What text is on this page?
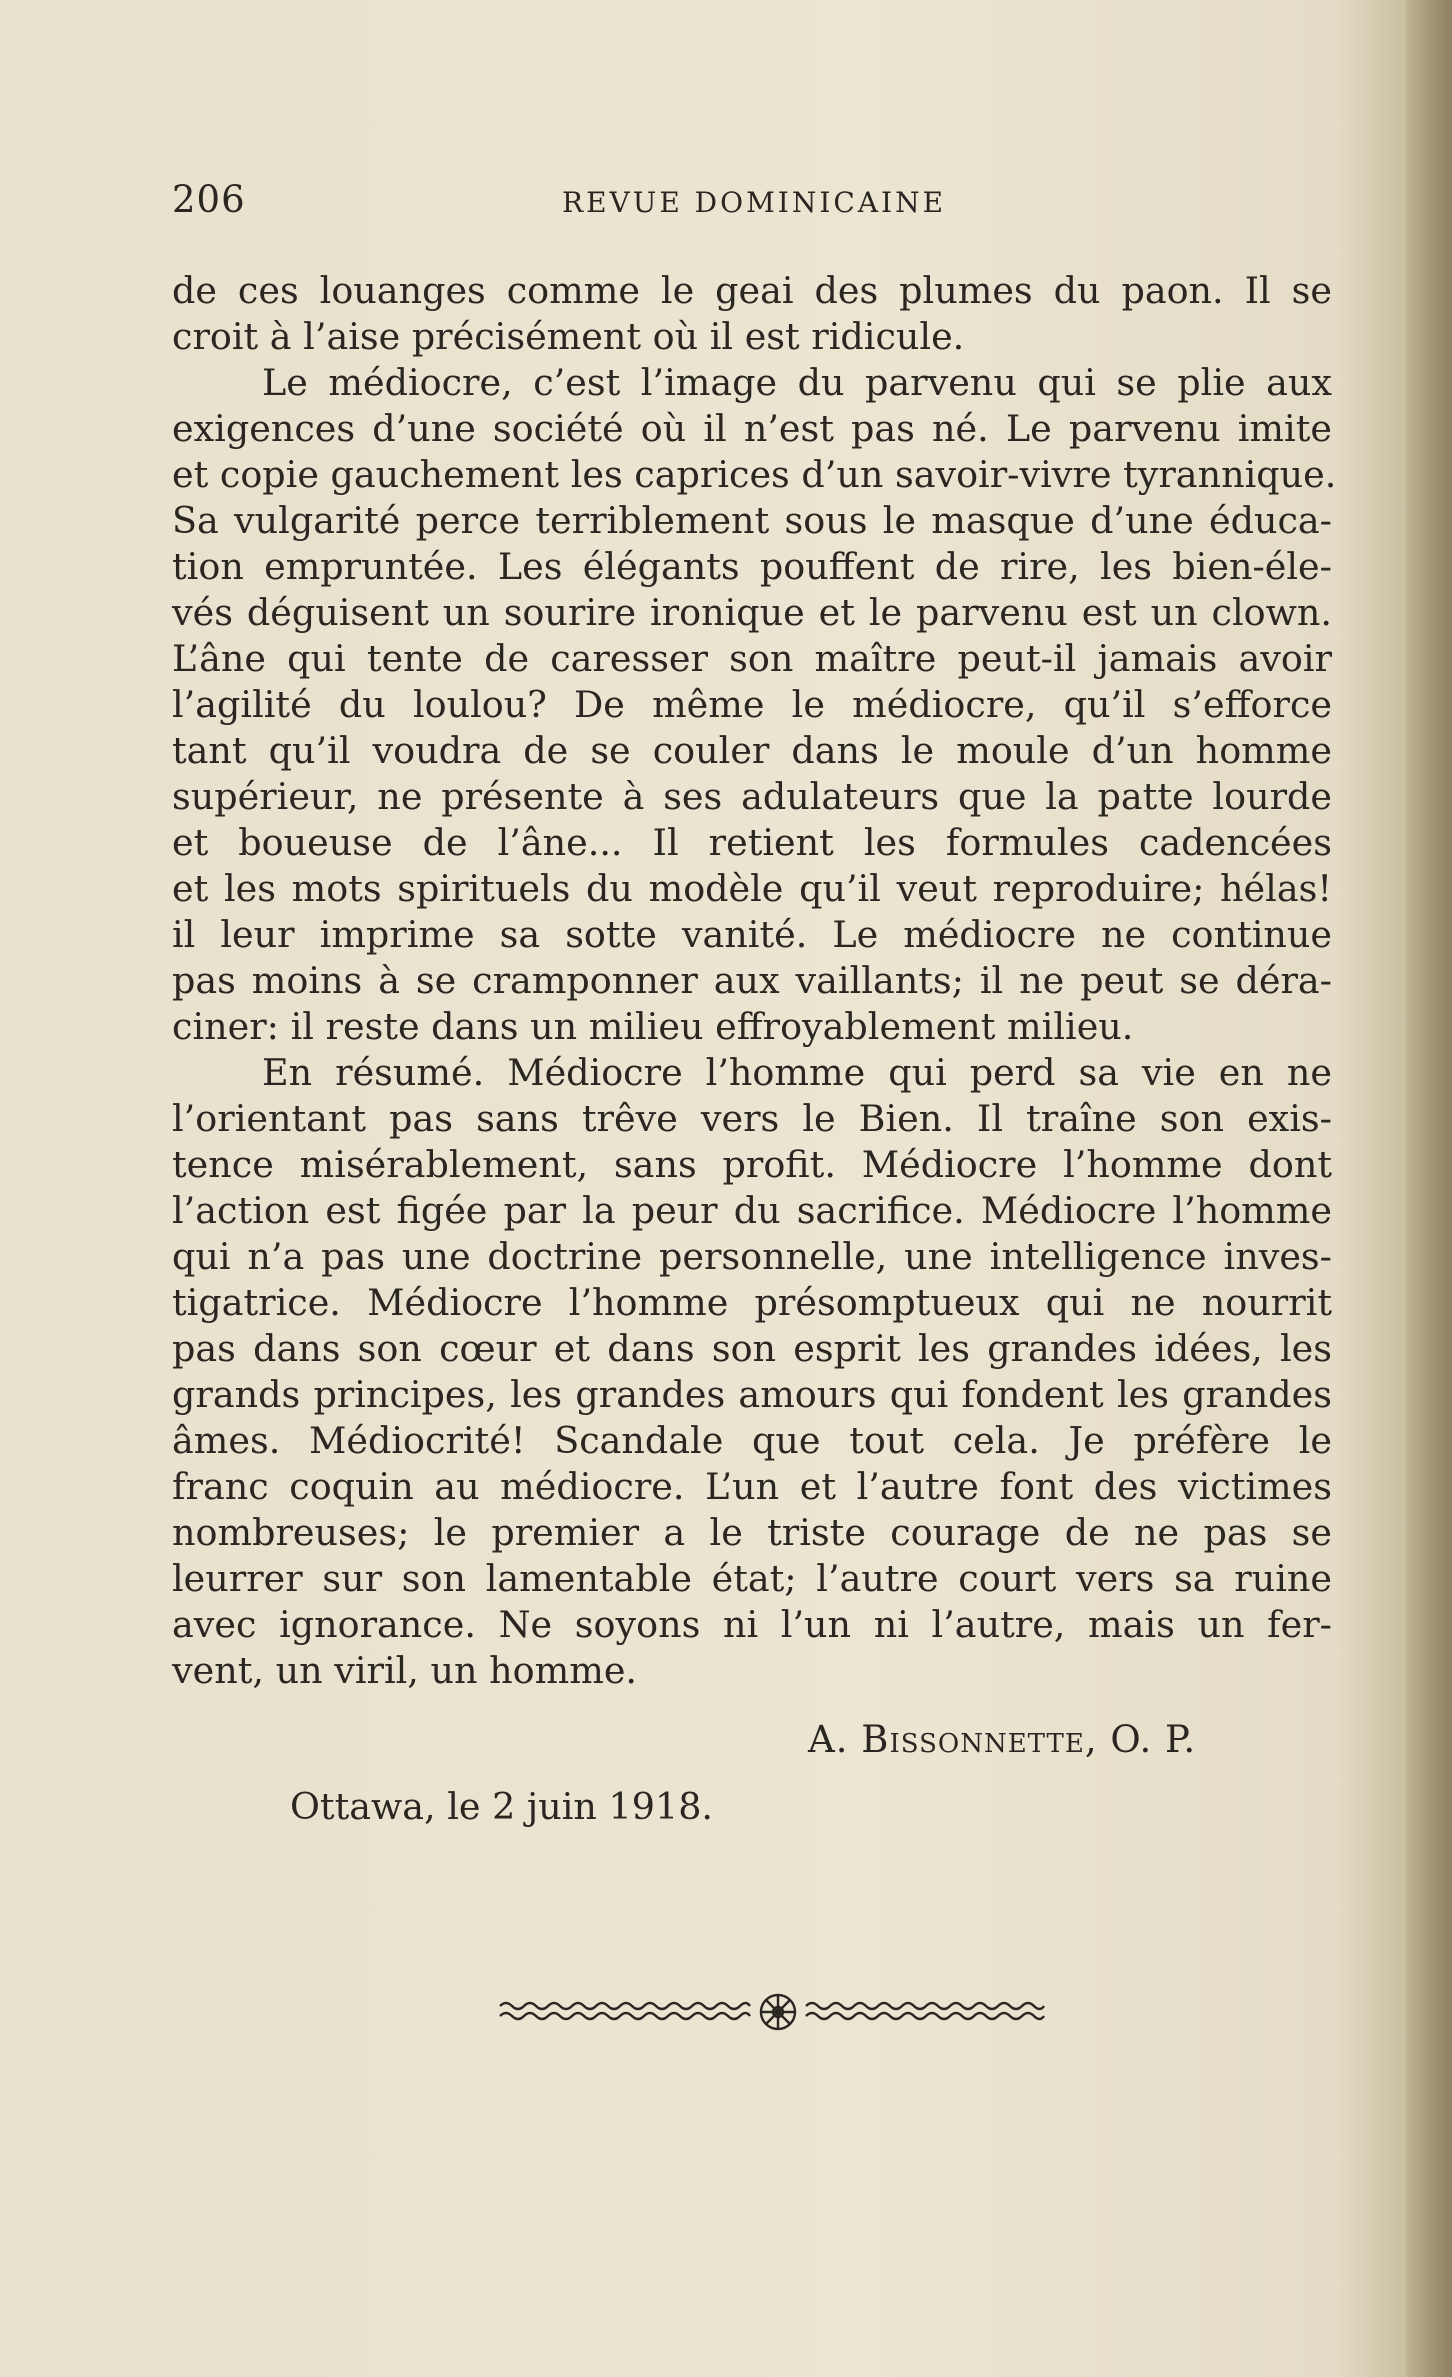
206	REVUE DOMINICAINE
de ces louanges comme le geai des plumes du paon. Il se
croit à l’aise précisément où il est ridicule.
Le médiocre, c’est l’image du parvenu qui se plie aux
exigences d’une société où il n’est pas né. Le parvenu imite
et copie gauchement les caprices d’un savoir-vivre tyrannique.
Sa vulgarité perce terriblement sous le masque d’une éduca-
tion empruntée. Les élégants pouffent de rire, les bien-éle-
vés déguisent un sourire ironique et le parvenu est un clown.
L’âne qui tente de caresser son maître peut-il jamais avoir
l’agilité du loulou? De même le médiocre, qu’il s’efforce
tant qu’il voudra de se couler dans le moule d’un homme
supérieur, ne présente à ses adulateurs que la patte lourde
et boueuse de l’âne... Il retient les formules cadencées
et les mots spirituels du modèle qu’il veut reproduire; hélas!
il leur imprime sa sotte vanité. Le médiocre ne continue
pas moins à se cramponner aux vaillants; il ne peut se déra-
ciner: il reste dans un milieu effroyablement milieu.
En résumé. Médiocre l’homme qui perd sa vie en ne
l’orientant pas sans trêve vers le Bien. Il traîne son exis-
tence misérablement, sans profit. Médiocre l’homme dont
l’action est figée par la peur du sacrifice. Médiocre l’homme
qui n’a pas une doctrine personnelle, une intelligence inves-
tigatrice. Médiocre l’homme présomptueux qui ne nourrit
pas dans son cœur et dans son esprit les grandes idées, les
grands principes, les grandes amours qui fondent les grandes
âmes. Médiocrité! Scandale que tout cela. Je préfère le
franc coquin au médiocre. L’un et l’autre font des victimes
nombreuses; le premier a le triste courage de ne pas se
leurrer sur son lamentable état; l’autre court vers sa ruine
avec ignorance. Ne soyons ni l’un ni l’autre, mais un fer-
vent, un viril, un homme.
A. Bissonnette, O. P.
Ottawa, le 2 juin 1918.
